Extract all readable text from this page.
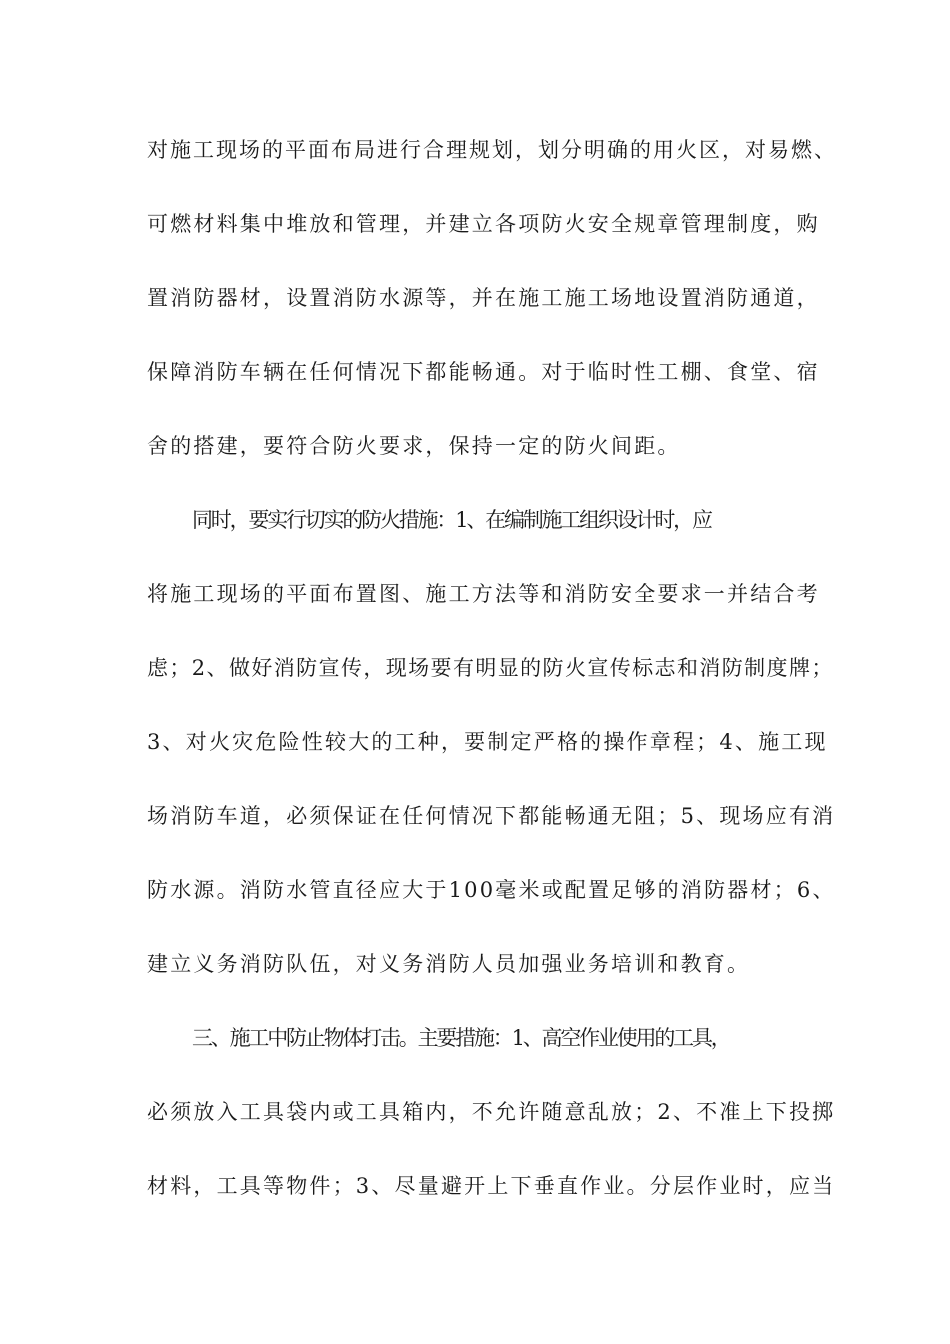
对施工现场的平面布局进行合理规划，划分明确的用火区，对易燃、
可燃材料集中堆放和管理，并建立各项防火安全规章管理制度，购
置消防器材，设置消防水源等，并在施工施工场地设置消防通道，
保障消防车辆在任何情况下都能畅通。对于临时性工棚、食堂、宿
舍的搭建，要符合防火要求，保持一定的防火间距。
同时，要实行切实的防火措施：1、在编制施工组织设计时，应
将施工现场的平面布置图、施工方法等和消防安全要求一并结合考
虑；2、做好消防宣传，现场要有明显的防火宣传标志和消防制度牌；
3、对火灾危险性较大的工种，要制定严格的操作章程；4、施工现
场消防车道，必须保证在任何情况下都能畅通无阻；5、现场应有消
防水源。消防水管直径应大于100毫米或配置足够的消防器材；6、
建立义务消防队伍，对义务消防人员加强业务培训和教育。
三、施工中防止物体打击。主要措施：1、高空作业使用的工具，
必须放入工具袋内或工具箱内，不允许随意乱放；2、不准上下投掷
材料，工具等物件；3、尽量避开上下垂直作业。分层作业时，应当
